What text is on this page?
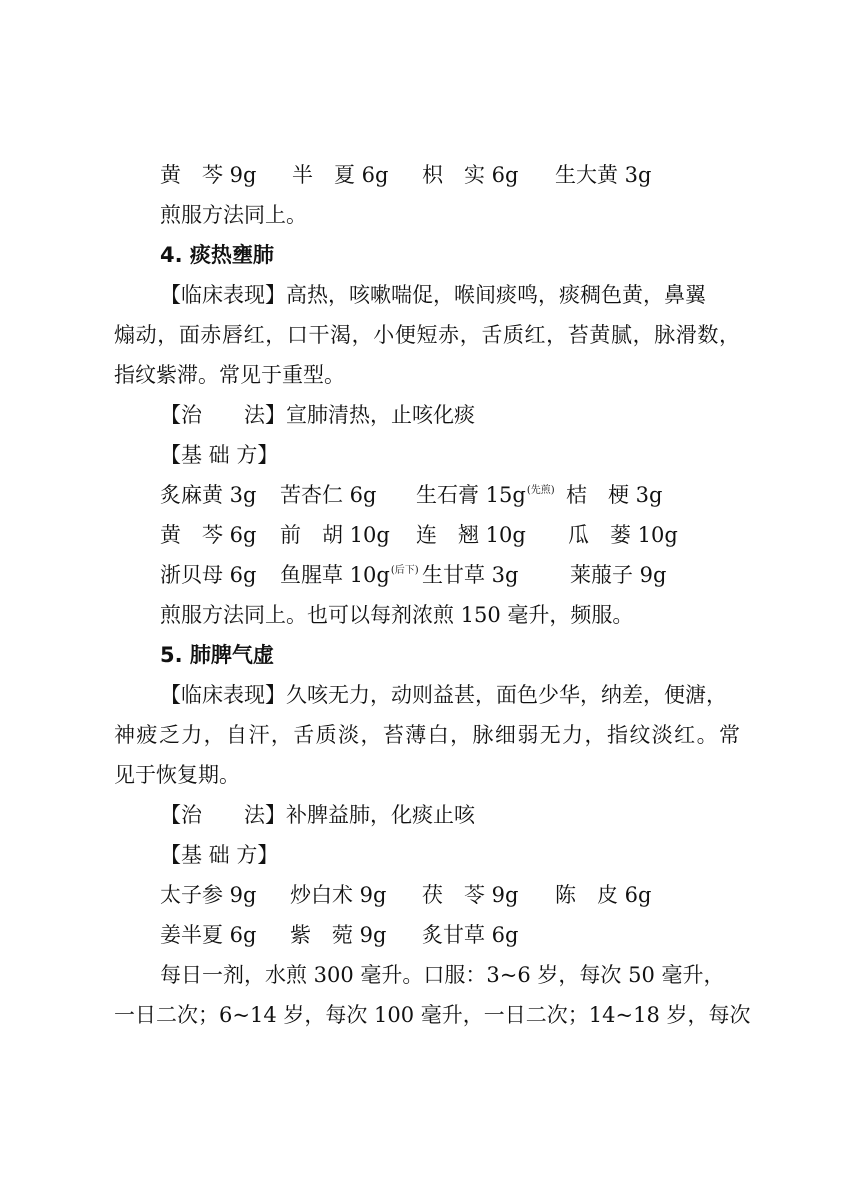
黄　芩 9g 半　夏 6g 枳　实 6g 生大黄 3g
煎服方法同上。
4. 痰热壅肺
【临床表现】高热，咳嗽喘促，喉间痰鸣，痰稠色黄，鼻翼
煽动，面赤唇红，口干渴，小便短赤，舌质红，苔黄腻，脉滑数，
指纹紫滞。常见于重型。
【治　　法】宣肺清热，止咳化痰
【基 础 方】
炙麻黄 3g 苦杏仁 6g 生石膏 15g$^{(先煎)}$ 桔　梗 3g
黄　芩 6g 前　胡 10g 连　翘 10g 瓜　蒌 10g
浙贝母 6g 鱼腥草 10g$^{(后下)}$ 生甘草 3g 莱菔子 9g
煎服方法同上。也可以每剂浓煎 150 毫升，频服。
5. 肺脾气虚
【临床表现】久咳无力，动则益甚，面色少华，纳差，便溏，
神疲乏力，自汗，舌质淡，苔薄白，脉细弱无力，指纹淡红。常
见于恢复期。
【治　　法】补脾益肺，化痰止咳
【基 础 方】
太子参 9g 炒白术 9g 茯　苓 9g 陈　皮 6g
姜半夏 6g 紫　菀 9g 炙甘草 6g
每日一剂，水煎 300 毫升。口服：3~6 岁，每次 50 毫升，
一日二次；6~14 岁，每次 100 毫升，一日二次；14~18 岁，每次
